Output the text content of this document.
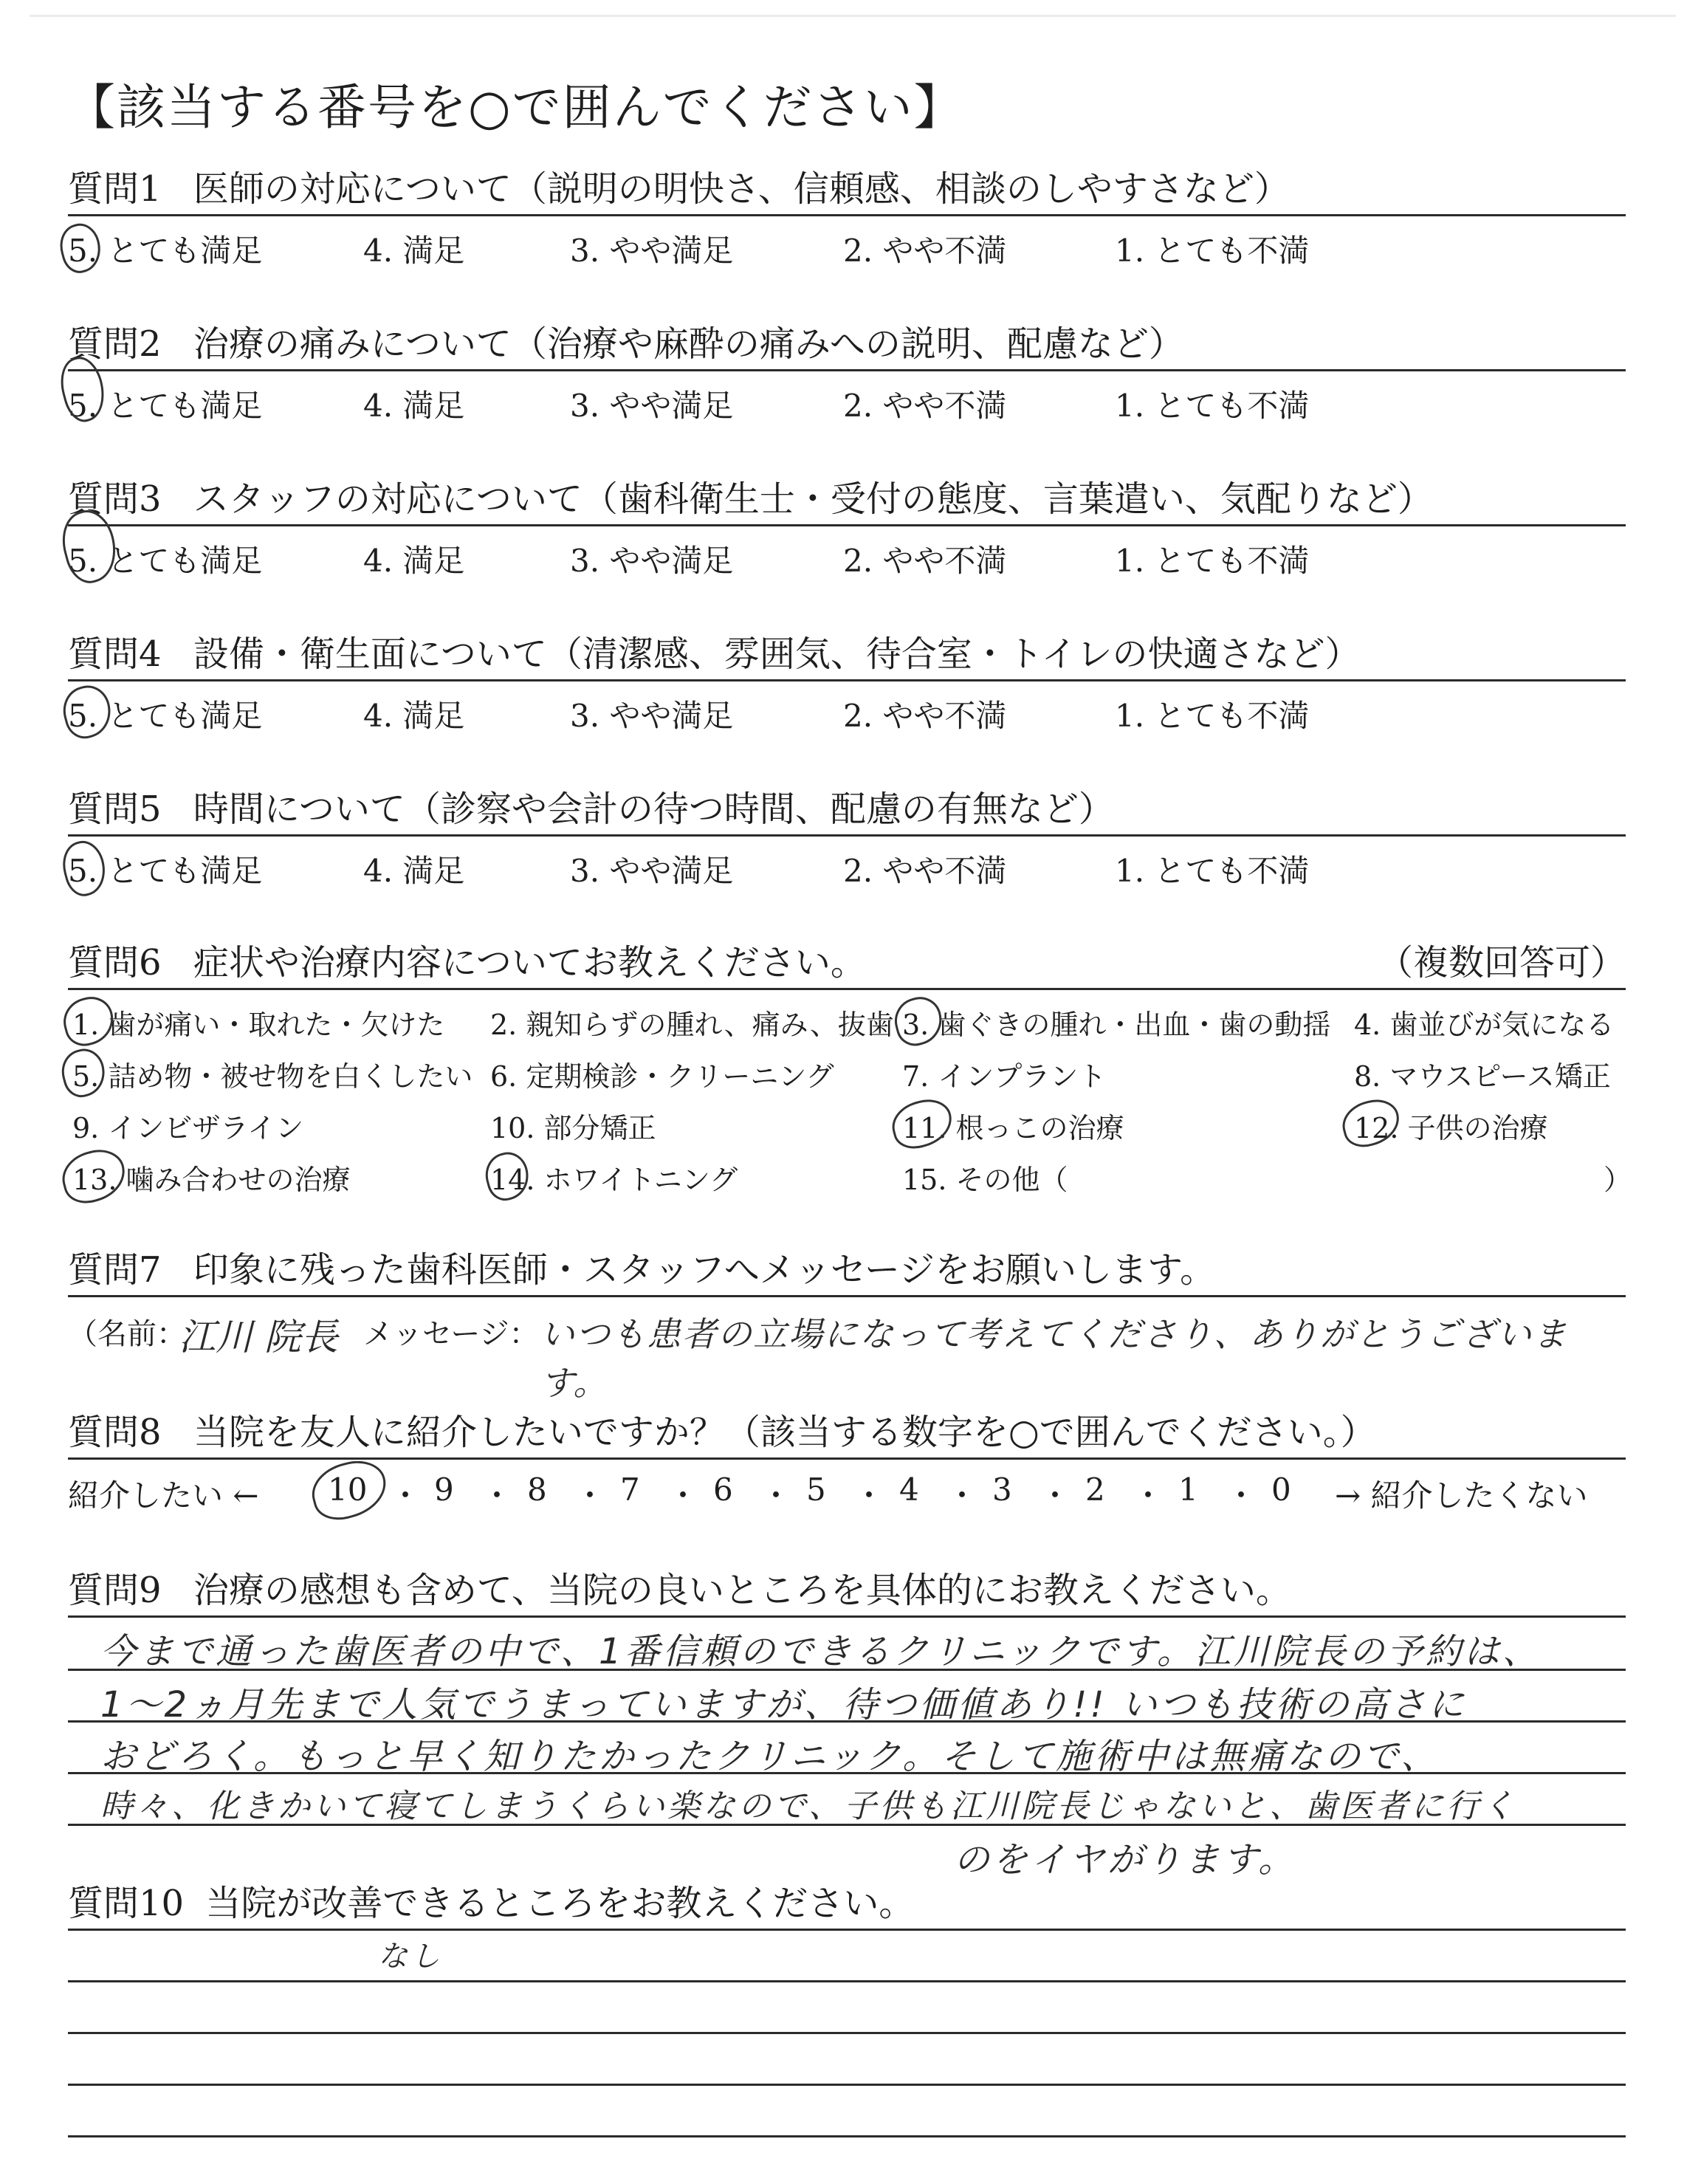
【該当する番号を○で囲んでください】
質問1 医師の対応について（説明の明快さ、信頼感、相談のしやすさなど）
5. とても満足	4. 満足	3. やや満足	2. やや不満	1. とても不満
質問2 治療の痛みについて（治療や麻酔の痛みへの説明、配慮など）
5. とても満足	4. 満足	3. やや満足	2. やや不満	1. とても不満
質問3 スタッフの対応について（歯科衛生士・受付の態度、言葉遣い、気配りなど）
5. とても満足	4. 満足	3. やや満足	2. やや不満	1. とても不満
質問4 設備・衛生面について（清潔感、雰囲気、待合室・トイレの快適さなど）
5. とても満足	4. 満足	3. やや満足	2. やや不満	1. とても不満
質問5 時間について（診察や会計の待つ時間、配慮の有無など）
5. とても満足	4. 満足	3. やや満足	2. やや不満	1. とても不満
質問6 症状や治療内容についてお教えください。	（複数回答可）
1. 歯が痛い・取れた・欠けた 2. 親知らずの腫れ、痛み、抜歯 3. 歯ぐきの腫れ・出血・歯の動揺 4. 歯並びが気になる
5. 詰め物・被せ物を白くしたい 6. 定期検診・クリーニング 7. インプラント	8. マウスピース矯正
9. インビザライン	10. 部分矯正	11. 根っこの治療	12. 子供の治療
13. 噛み合わせの治療	14. ホワイトニング	15. その他（	）
質問7 印象に残った歯科医師・スタッフへメッセージをお願いします。
（名前：
江川 院長 メッセージ： いつも患者の立場になって考えてくださり、ありがとうございます。
質問8 当院を友人に紹介したいですか？（該当する数字を○で囲んでください。）
紹介したい ← 10 ・ 9 ・ 8 ・ 7 ・ 6 ・ 5 ・ 4 ・ 3 ・ 2 ・ 1 ・ 0 → 紹介したくない
質問9 治療の感想も含めて、当院の良いところを具体的にお教えください。
今まで通った歯医者の中で、1番信頼のできるクリニックです。江川院長の予約は、
1〜2ヵ月先まで人気でうまっていますが、待つ価値あり!! いつも技術の高さに
おどろく。もっと早く知りたかったクリニック。そして施術中は無痛なので、
時々、化きかいて寝てしまうくらい楽なので、子供も江川院長じゃないと、歯医者に行く
のをイヤがります。
質問10 当院が改善できるところをお教えください。
なし
